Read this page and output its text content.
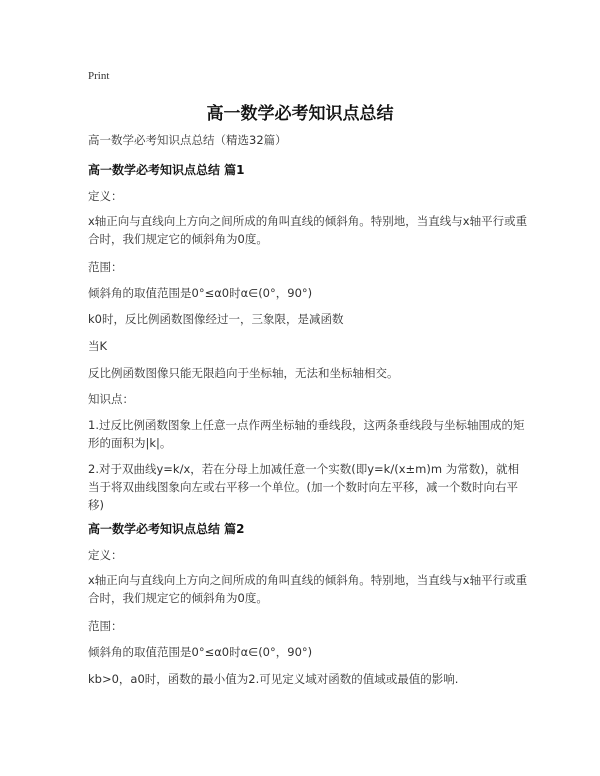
Print
高一数学必考知识点总结
高一数学必考知识点总结（精选32篇）
高一数学必考知识点总结 篇1
定义：
x轴正向与直线向上方向之间所成的角叫直线的倾斜角。特别地，当直线与x轴平行或重合时，我们规定它的倾斜角为0度。
范围：
倾斜角的取值范围是0°≤α0时α∈(0°，90°)
k0时，反比例函数图像经过一，三象限，是减函数
当K
反比例函数图像只能无限趋向于坐标轴，无法和坐标轴相交。
知识点：
1.过反比例函数图象上任意一点作两坐标轴的垂线段，这两条垂线段与坐标轴围成的矩形的面积为|k|。
2.对于双曲线y=k/x，若在分母上加减任意一个实数(即y=k/(x±m)m 为常数)，就相当于将双曲线图象向左或右平移一个单位。(加一个数时向左平移，减一个数时向右平移)
高一数学必考知识点总结 篇2
定义：
x轴正向与直线向上方向之间所成的角叫直线的倾斜角。特别地，当直线与x轴平行或重合时，我们规定它的倾斜角为0度。
范围：
倾斜角的取值范围是0°≤α0时α∈(0°，90°)
kb>0，a0时，函数的最小值为2.可见定义域对函数的值域或最值的影响.
